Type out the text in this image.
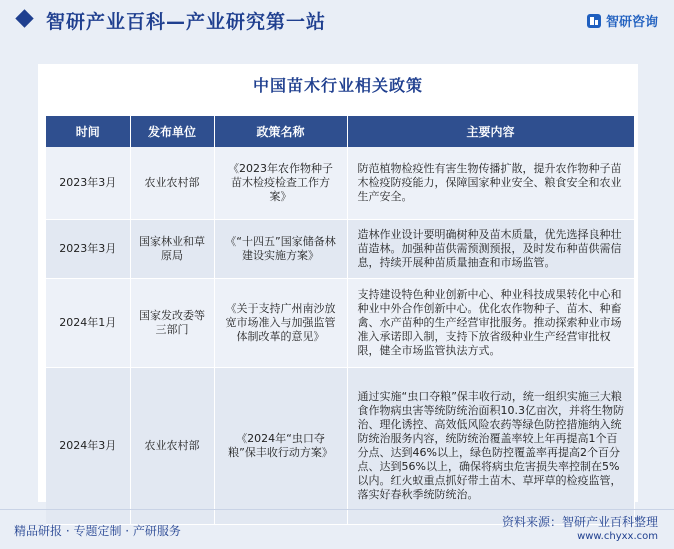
智研产业百科—产业研究第一站	智研咨询
中国苗木行业相关政策
时间	发布单位	政策名称	主要内容
2023年3月	农业农村部	《2023年农作物种子苗木检疫检查工作方案》	防范植物检疫性有害生物传播扩散，提升农作物种子苗木检疫防疫能力，保障国家种业安全、粮食安全和农业生产安全。
2023年3月	国家林业和草原局	《“十四五”国家储备林建设实施方案》	造林作业设计要明确树种及苗木质量，优先选择良种壮苗造林。加强种苗供需预测预报，及时发布种苗供需信息，持续开展种苗质量抽查和市场监管。
2024年1月	国家发改委等三部门	《关于支持广州南沙放宽市场准入与加强监管体制改革的意见》	支持建设特色种业创新中心、种业科技成果转化中心和种业中外合作创新中心。优化农作物种子、苗木、种畜禽、水产苗种的生产经营审批服务。推动探索种业市场准入承诺即入制，支持下放省级种业生产经营审批权限，健全市场监管执法方式。
2024年3月	农业农村部	《2024年“虫口夺粮”保丰收行动方案》	通过实施“虫口夺粮”保丰收行动，统一组织实施三大粮食作物病虫害等统防统治面积10.3亿亩次，并将生物防治、理化诱控、高效低风险农药等绿色防控措施纳入统防统治服务内容，统防统治覆盖率较上年再提高1个百分点、达到46%以上，绿色防控覆盖率再提高2个百分点、达到56%以上，确保将病虫危害损失率控制在5%以内。红火蚁重点抓好带土苗木、草坪草的检疫监管，落实好春秋季统防统治。
精品研报 · 专题定制 · 产研服务
资料来源：智研产业百科整理
www.chyxx.com
